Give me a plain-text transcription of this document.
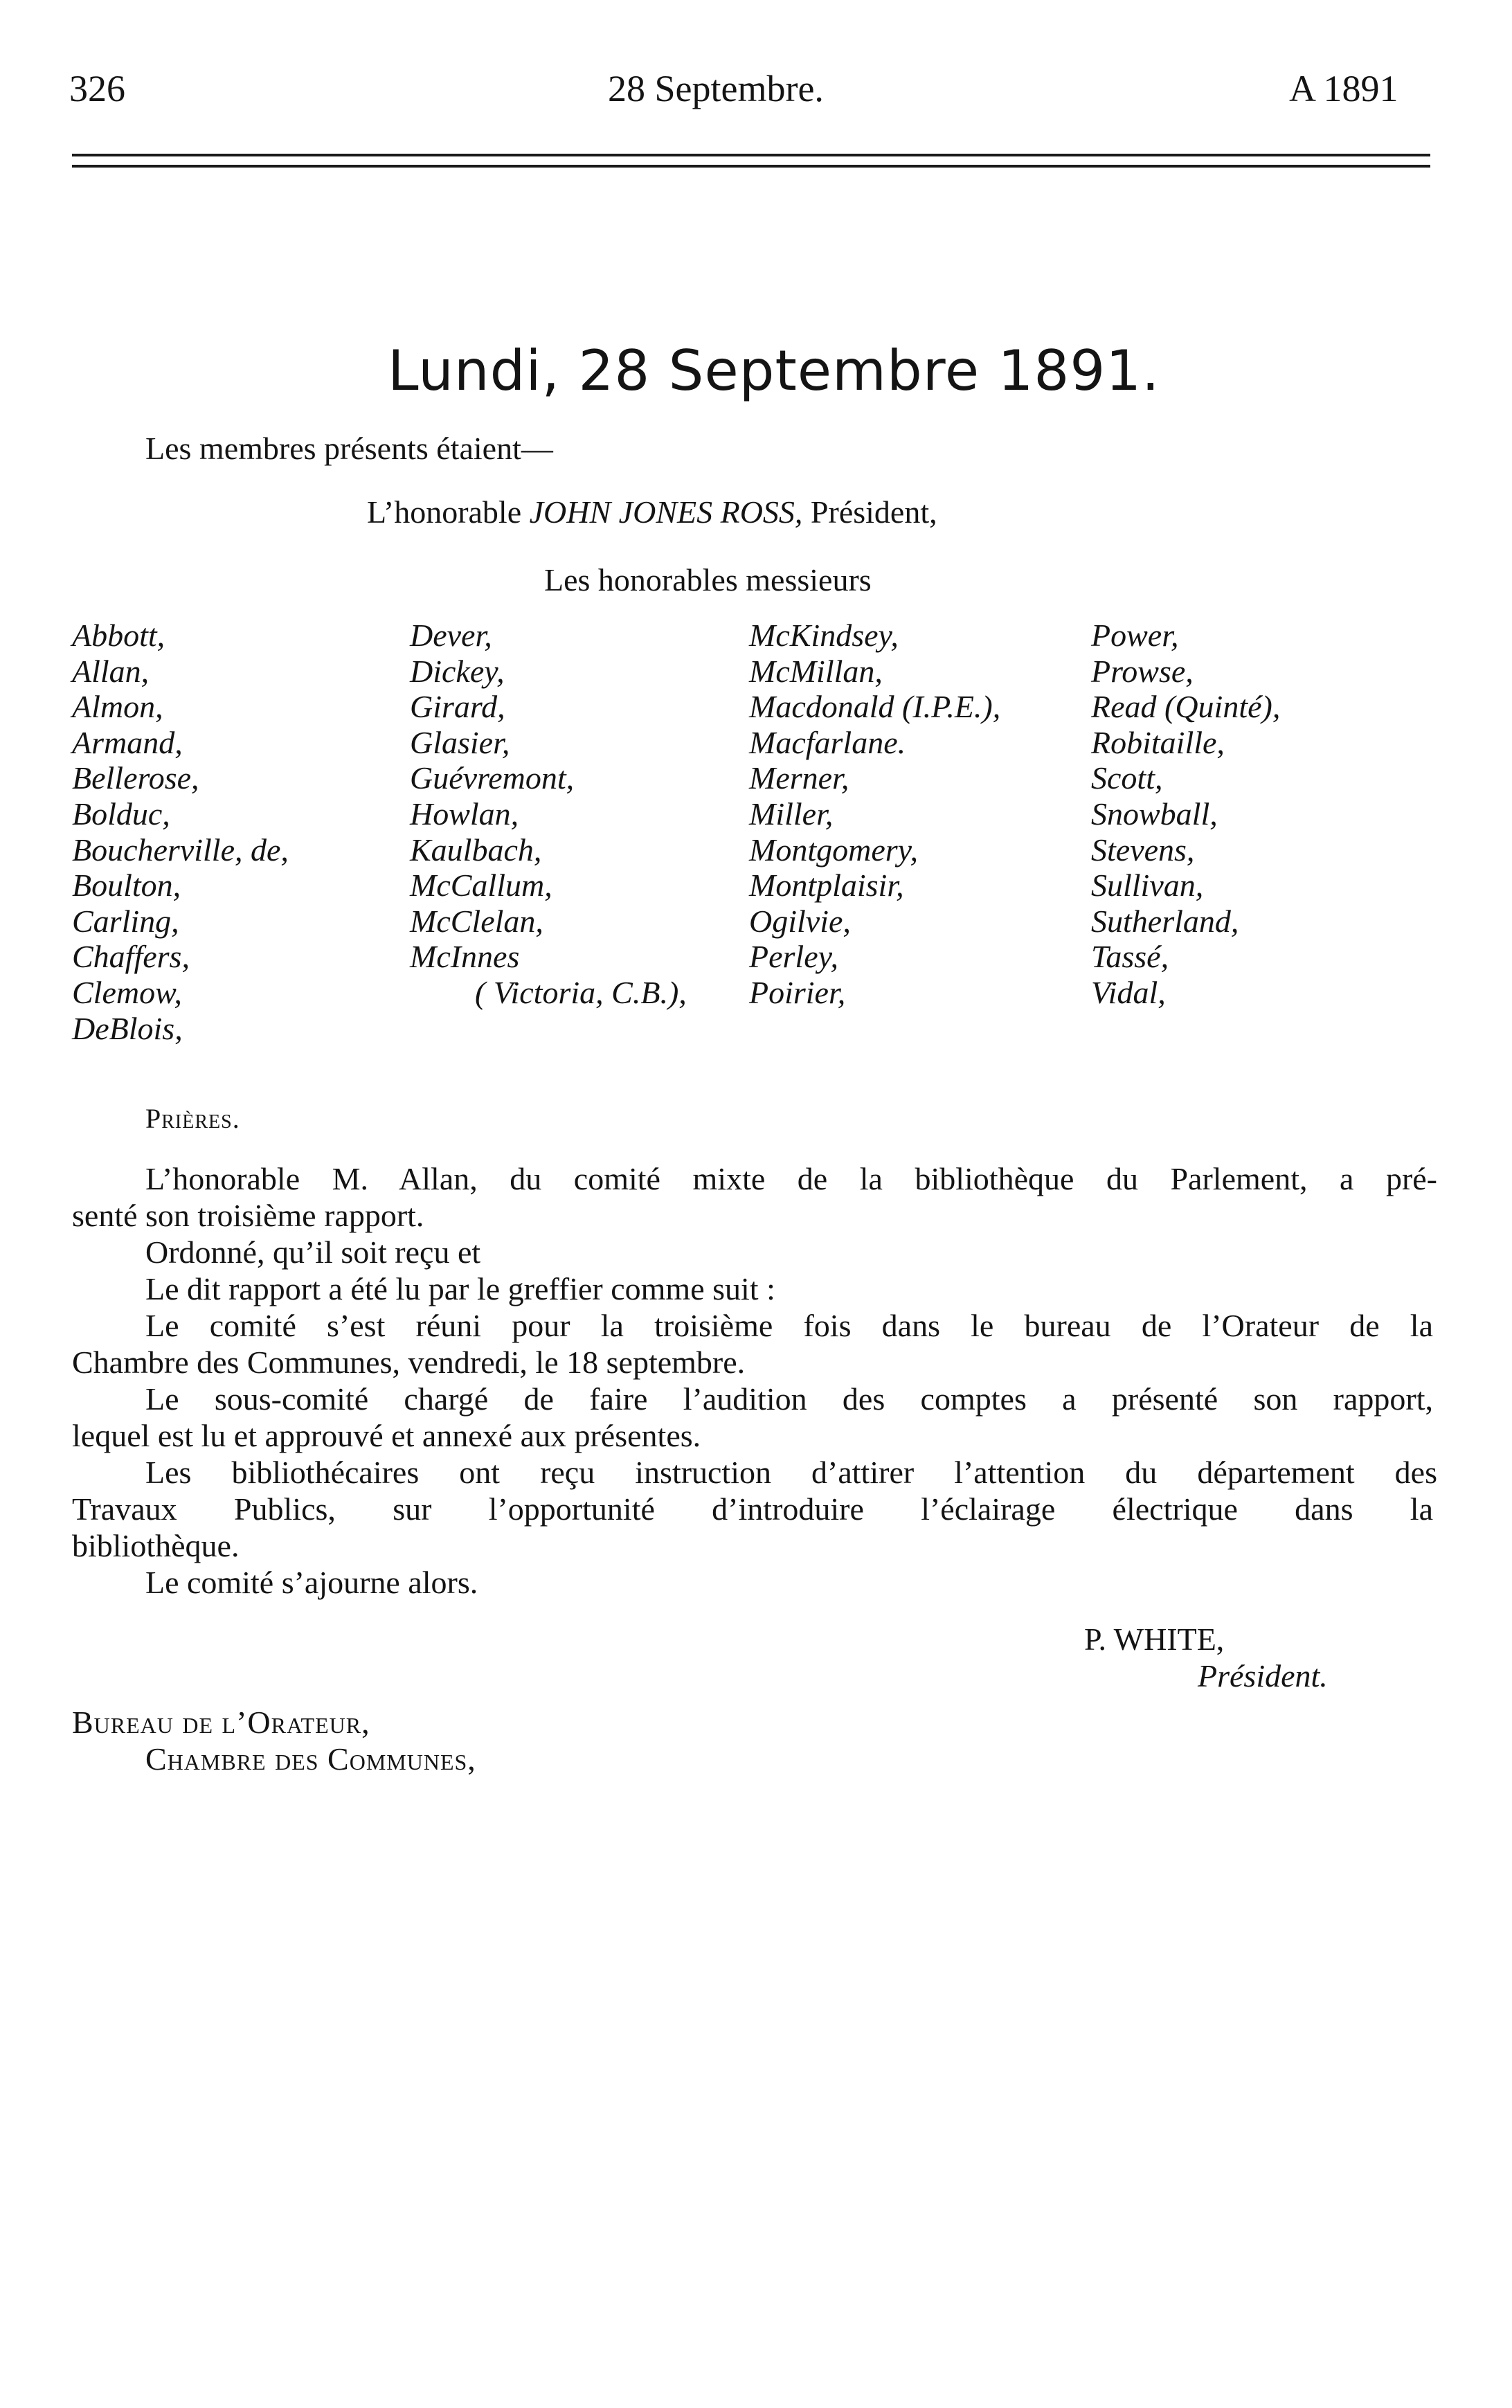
326	28 Septembre.	A 1891
Lundi, 28 Septembre 1891.
Les membres présents étaient—
L’honorable JOHN JONES ROSS, Président,
Les honorables messieurs
Abbott,
Allan,
Almon,
Armand,
Bellerose,
Bolduc,
Boucherville, de,
Boulton,
Carling,
Chaffers,
Clemow,
DeBlois,
Dever,
Dickey,
Girard,
Glasier,
Guévremont,
Howlan,
Kaulbach,
McCallum,
McClelan,
McInnes
( Victoria, C.B.),
McKindsey,
McMillan,
Macdonald (I.P.E.),
Macfarlane.
Merner,
Miller,
Montgomery,
Montplaisir,
Ogilvie,
Perley,
Poirier,
Power,
Prowse,
Read (Quinté),
Robitaille,
Scott,
Snowball,
Stevens,
Sullivan,
Sutherland,
Tassé,
Vidal,
Prières.
L’honorable M. Allan, du comité mixte de la bibliothèque du Parlement, a pré-
senté son troisième rapport.
Ordonné, qu’il soit reçu et
Le dit rapport a été lu par le greffier comme suit :
Le comité s’est réuni pour la troisième fois dans le bureau de l’Orateur de la
Chambre des Communes, vendredi, le 18 septembre.
Le sous-comité chargé de faire l’audition des comptes a présenté son rapport,
lequel est lu et approuvé et annexé aux présentes.
Les bibliothécaires ont reçu instruction d’attirer l’attention du département des
Travaux Publics, sur l’opportunité d’introduire l’éclairage électrique dans la
bibliothèque.
Le comité s’ajourne alors.
P. WHITE,
Président.
Bureau de l’Orateur,
Chambre des Communes,
